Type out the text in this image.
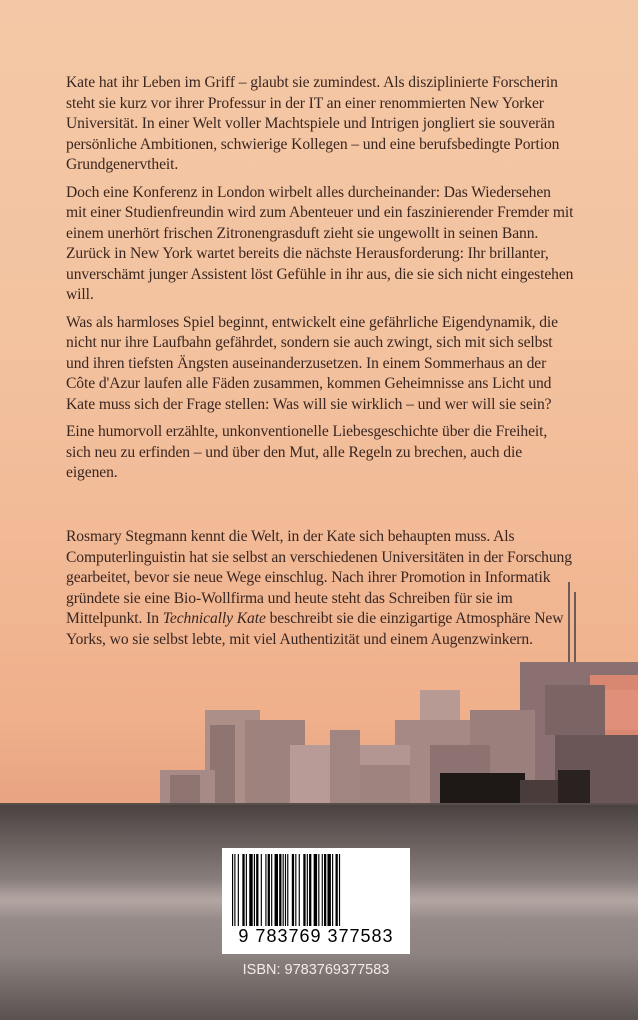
Kate hat ihr Leben im Griff – glaubt sie zumindest. Als disziplinierte Forscherin steht sie kurz vor ihrer Professur in der IT an einer renommierten New Yorker Universität. In einer Welt voller Machtspiele und Intrigen jongliert sie souverän persönliche Ambitionen, schwierige Kollegen – und eine berufsbedingte Portion Grundgenervtheit.

Doch eine Konferenz in London wirbelt alles durcheinander: Das Wiedersehen mit einer Studienfreundin wird zum Abenteuer und ein faszinierender Fremder mit einem unerhört frischen Zitronengrasduft zieht sie ungewollt in seinen Bann. Zurück in New York wartet bereits die nächste Herausforderung: Ihr brillanter, unverschämt junger Assistent löst Gefühle in ihr aus, die sie sich nicht eingestehen will.

Was als harmloses Spiel beginnt, entwickelt eine gefährliche Eigendynamik, die nicht nur ihre Laufbahn gefährdet, sondern sie auch zwingt, sich mit sich selbst und ihren tiefsten Ängsten auseinanderzusetzen. In einem Sommerhaus an der Côte d'Azur laufen alle Fäden zusammen, kommen Geheimnisse ans Licht und Kate muss sich der Frage stellen: Was will sie wirklich – und wer will sie sein?

Eine humorvoll erzählte, unkonventionelle Liebesgeschichte über die Freiheit, sich neu zu erfinden – und über den Mut, alle Regeln zu brechen, auch die eigenen.

Rosmary Stegmann kennt die Welt, in der Kate sich behaupten muss. Als Computerlinguistin hat sie selbst an verschiedenen Universitäten in der Forschung gearbeitet, bevor sie neue Wege einschlug. Nach ihrer Promotion in Informatik gründete sie eine Bio-Wollfirma und heute steht das Schreiben für sie im Mittelpunkt. In Technically Kate beschreibt sie die einzigartige Atmosphäre New Yorks, wo sie selbst lebte, mit viel Authentizität und einem Augenzwinkern.

9 783769 377583
ISBN: 9783769377583
